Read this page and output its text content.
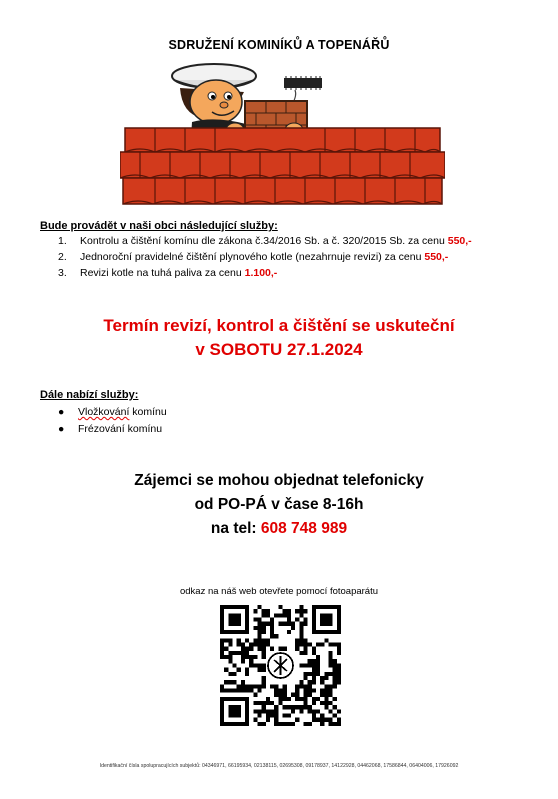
SDRUŽENÍ KOMINÍKŮ A TOPENÁŘŮ
Bude provádět v naši obci následující služby:
1. Kontrolu a čištění komínu dle zákona č.34/2016 Sb. a č. 320/2015 Sb. za cenu 550,-
2. Jednoroční pravidelné čištění plynového kotle (nezahrnuje revizi) za cenu 550,-
3. Revizi kotle na tuhá paliva za cenu 1.100,-
Termín revizí, kontrol a čištění se uskuteční
v SOBOTU 27.1.2024
Dále nabízí služby:
● Vložkování komínu
● Frézování komínu
Zájemci se mohou objednat telefonicky
od PO-PÁ v čase 8-16h
na tel: 608 748 989
odkaz na náš web otevřete pomocí fotoaparátu
Identifikační čísla spolupracujících subjektů: 04346971, 66195934, 02138115, 02695308, 09178937, 14122928, 04462068, 17586844, 06404006, 17926092
